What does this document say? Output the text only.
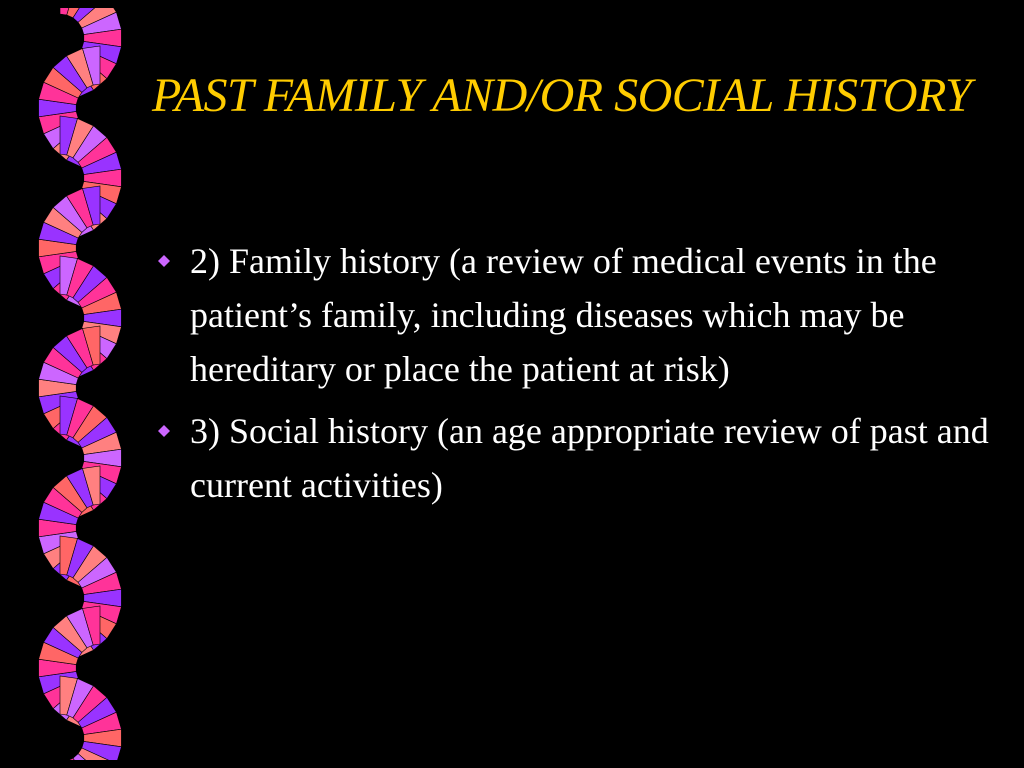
PAST FAMILY AND/OR SOCIAL HISTORY
2) Family history (a review of medical events in the patient’s family, including diseases which may be hereditary or place the patient at risk)
3) Social history (an age appropriate review of past and current activities)
